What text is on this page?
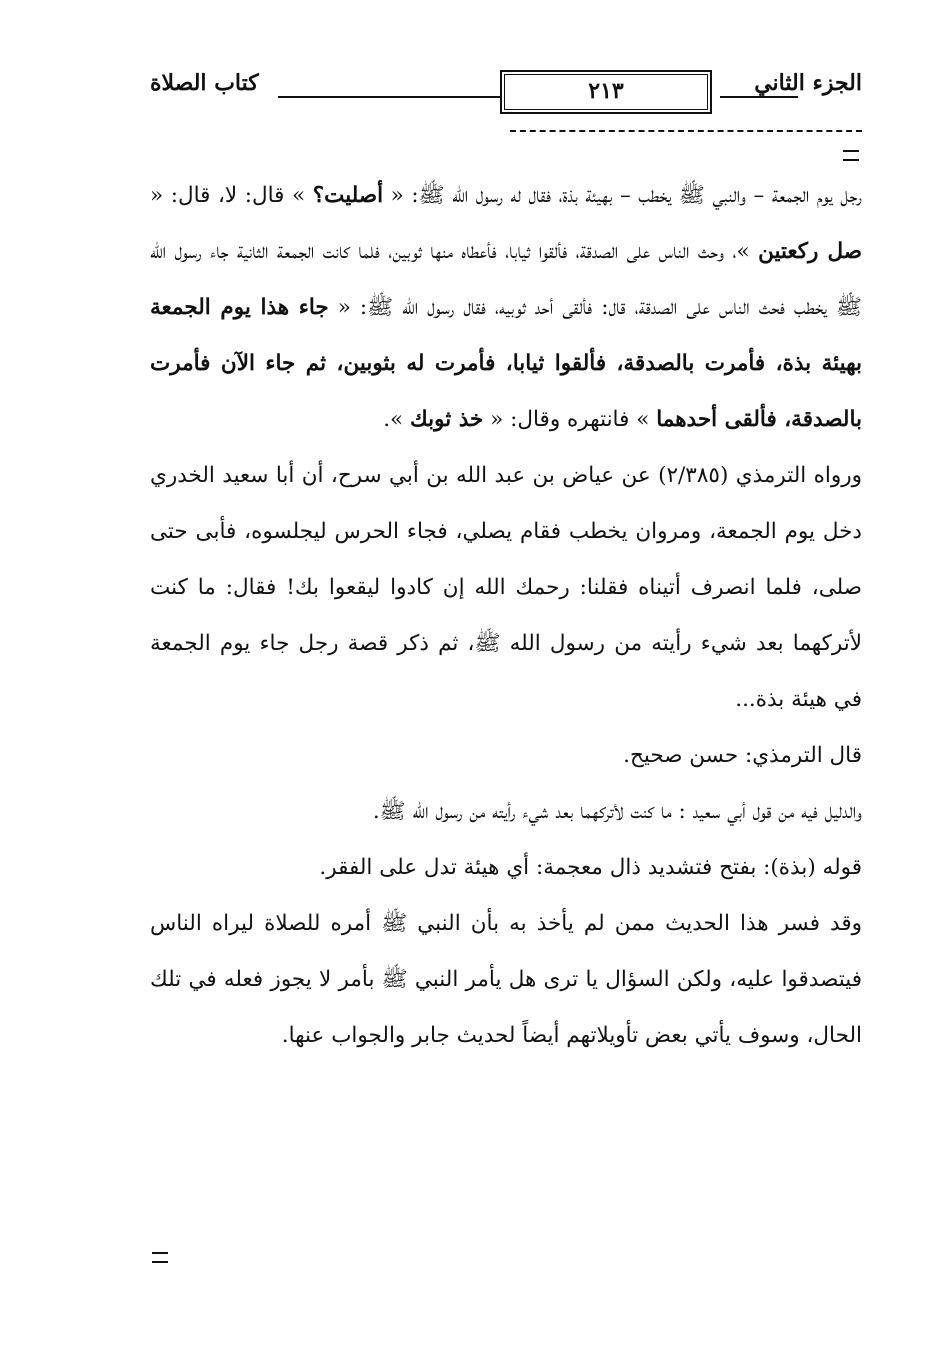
الجزء الثاني
٢١٣
كتاب الصلاة

رجل يوم الجمعة – والنبي ﷺ يخطب – بهيئة بذة، فقال له رسول الله ﷺ: « أصليت؟ » قال: لا، قال: « صل ركعتين »، وحث الناس على الصدقة، فألقوا ثيابا، فأعطاه منها ثوبين، فلما كانت الجمعة الثانية جاء رسول الله ﷺ يخطب فحث الناس على الصدقة، قال: فألقى أحد ثوبيه، فقال رسول الله ﷺ: « جاء هذا يوم الجمعة بهيئة بذة، فأمرت بالصدقة، فألقوا ثيابا، فأمرت له بثوبين، ثم جاء الآن فأمرت بالصدقة، فألقى أحدهما » فانتهره وقال: « خذ ثوبك ».

ورواه الترمذي (٢/٣٨٥) عن عياض بن عبد الله بن أبي سرح، أن أبا سعيد الخدري دخل يوم الجمعة، ومروان يخطب فقام يصلي، فجاء الحرس ليجلسوه، فأبى حتى صلى، فلما انصرف أتيناه فقلنا: رحمك الله إن كادوا ليقعوا بك! فقال: ما كنت لأتركهما بعد شيء رأيته من رسول الله ﷺ، ثم ذكر قصة رجل جاء يوم الجمعة في هيئة بذة...

قال الترمذي: حسن صحيح.

والدليل فيه من قول أبي سعيد : ما كنت لأتركهما بعد شيء رأيته من رسول الله ﷺ.

قوله (بذة): بفتح فتشديد ذال معجمة: أي هيئة تدل على الفقر.

وقد فسر هذا الحديث ممن لم يأخذ به بأن النبي ﷺ أمره للصلاة ليراه الناس فيتصدقوا عليه، ولكن السؤال يا ترى هل يأمر النبي ﷺ بأمر لا يجوز فعله في تلك الحال، وسوف يأتي بعض تأويلاتهم أيضاً لحديث جابر والجواب عنها.
